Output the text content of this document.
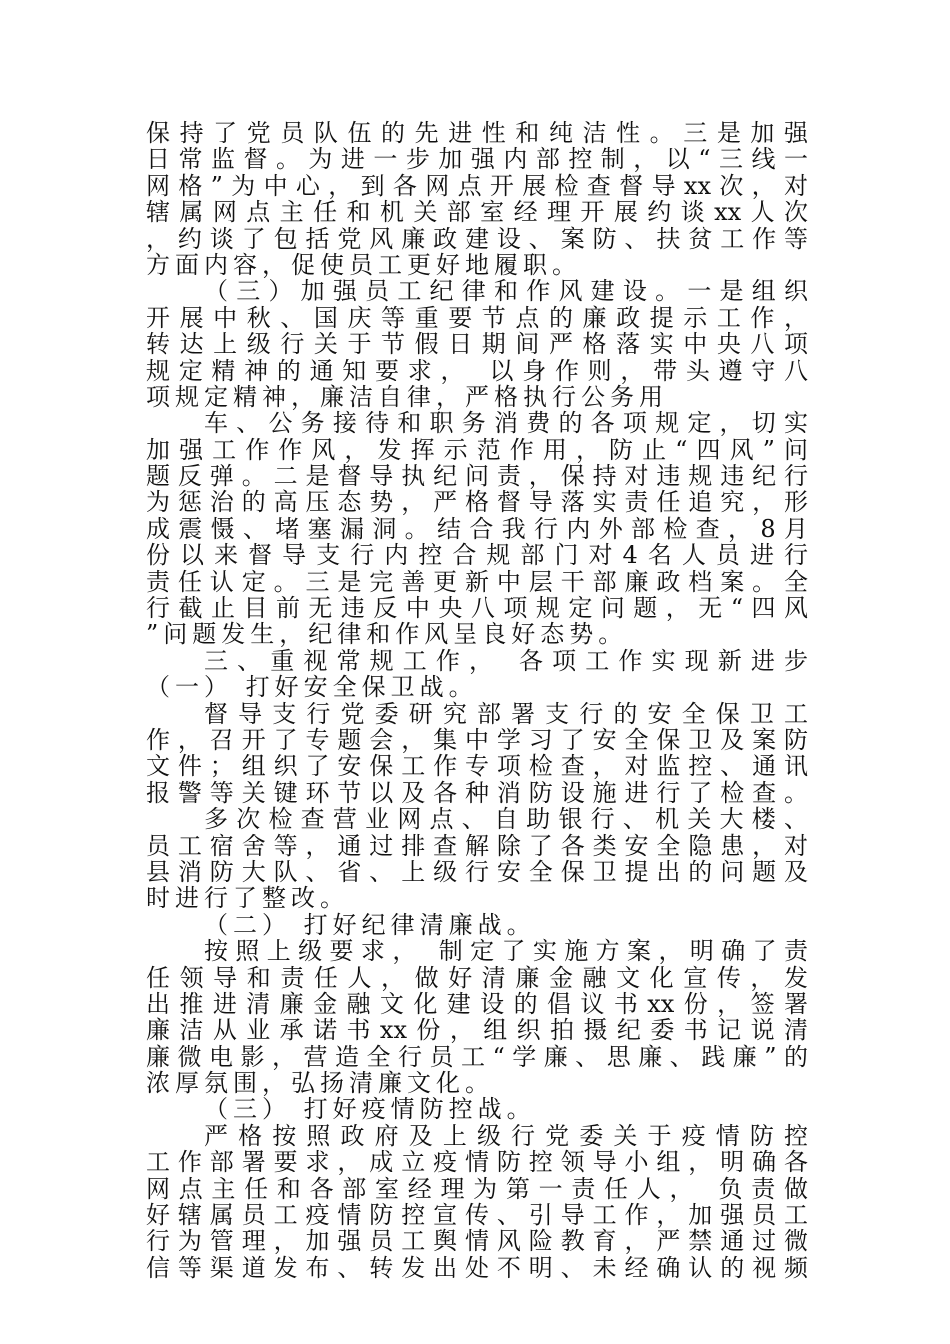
保持了党员队伍的先进性和纯洁性。三是加强
日常监督。为进一步加强内部控制，以“三线一
网格”为中心，到各网点开展检查督导xx次，对
辖属网点主任和机关部室经理开展约谈xx人次
，约谈了包括党风廉政建设、案防、扶贫工作等
方面内容，促使员工更好地履职。
（三）加强员工纪律和作风建设。一是组织
开展中秋、国庆等重要节点的廉政提示工作，
转达上级行关于节假日期间严格落实中央八项
规定精神的通知要求， 以身作则，带头遵守八
项规定精神，廉洁自律，严格执行公务用
车、公务接待和职务消费的各项规定，切实
加强工作作风，发挥示范作用，防止“四风”问
题反弹。二是督导执纪问责，保持对违规违纪行
为惩治的高压态势，严格督导落实责任追究，形
成震慑、堵塞漏洞。结合我行内外部检查，8月
份以来督导支行内控合规部门对4名人员进行
责任认定。三是完善更新中层干部廉政档案。全
行截止目前无违反中央八项规定问题，无“四风
”问题发生，纪律和作风呈良好态势。
三、重视常规工作， 各项工作实现新进步
（一） 打好安全保卫战。
督导支行党委研究部署支行的安全保卫工
作，召开了专题会，集中学习了安全保卫及案防
文件；组织了安保工作专项检查，对监控、通讯
报警等关键环节以及各种消防设施进行了检查。
多次检查营业网点、自助银行、机关大楼、
员工宿舍等，通过排查解除了各类安全隐患，对
县消防大队、省、上级行安全保卫提出的问题及
时进行了整改。
（二） 打好纪律清廉战。
按照上级要求， 制定了实施方案，明确了责
任领导和责任人，做好清廉金融文化宣传，发
出推进清廉金融文化建设的倡议书xx份，签署
廉洁从业承诺书xx份，组织拍摄纪委书记说清
廉微电影，营造全行员工“学廉、思廉、践廉”的
浓厚氛围，弘扬清廉文化。
（三） 打好疫情防控战。
严格按照政府及上级行党委关于疫情防控
工作部署要求，成立疫情防控领导小组，明确各
网点主任和各部室经理为第一责任人， 负责做
好辖属员工疫情防控宣传、引导工作，加强员工
行为管理，加强员工舆情风险教育，严禁通过微
信等渠道发布、转发出处不明、未经确认的视频
